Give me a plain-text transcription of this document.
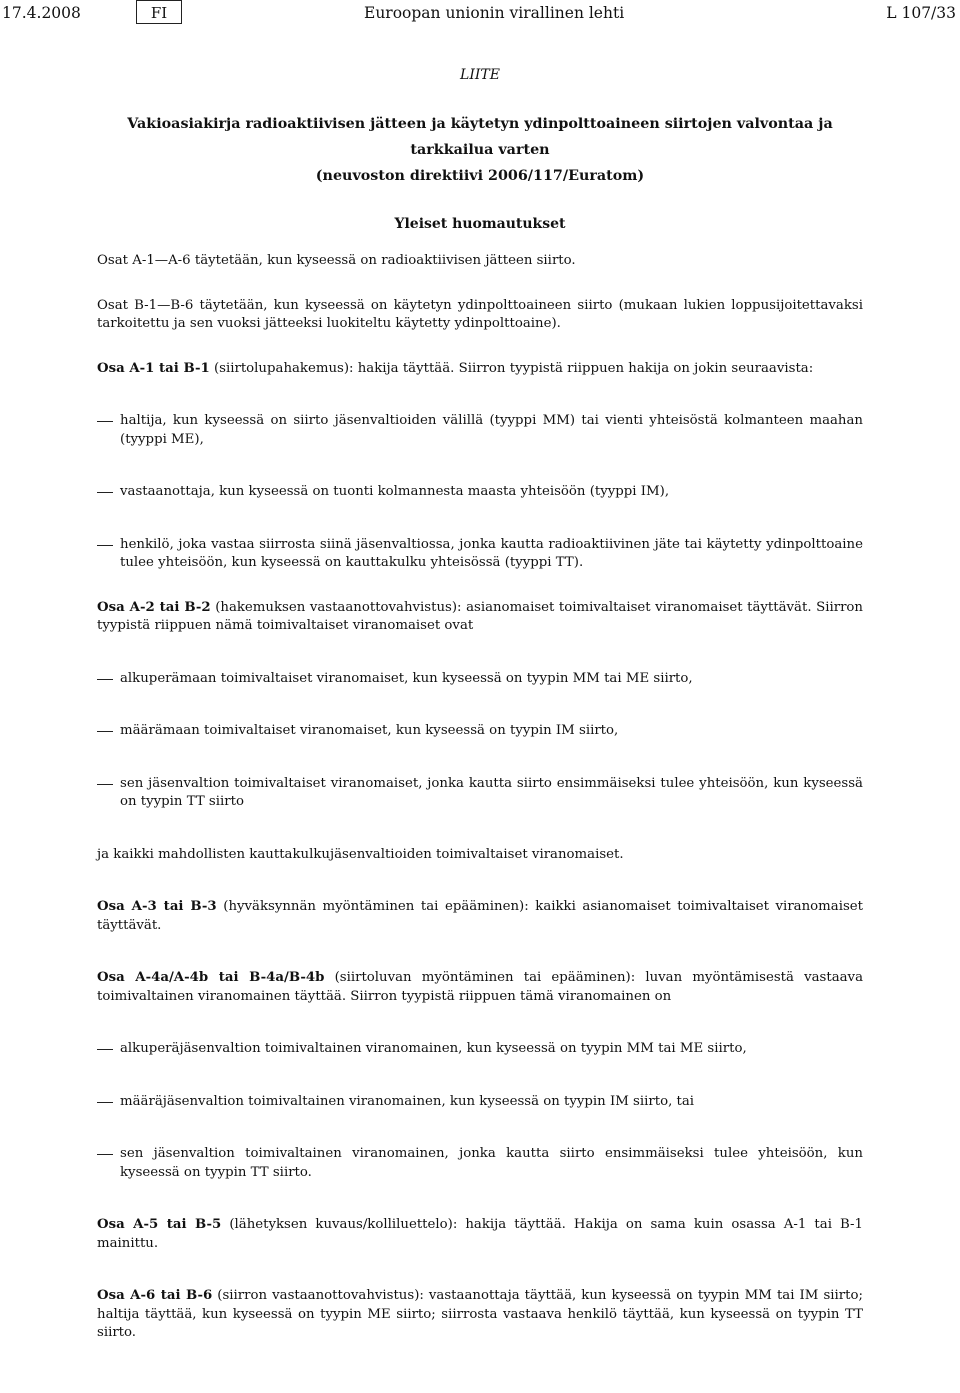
17.4.2008	FI	Euroopan unionin virallinen lehti	L 107/33
LIITE
Vakioasiakirja radioaktiivisen jätteen ja käytetyn ydinpolttoaineen siirtojen valvontaa ja tarkkailua varten
(neuvoston direktiivi 2006/117/Euratom)
Yleiset huomautukset

Osat A-1—A-6 täytetään, kun kyseessä on radioaktiivisen jätteen siirto.

Osat B-1—B-6 täytetään, kun kyseessä on käytetyn ydinpolttoaineen siirto (mukaan lukien loppusijoitettavaksi tarkoitettu ja sen vuoksi jätteeksi luokiteltu käytetty ydinpolttoaine).

Osa A-1 tai B-1 (siirtolupahakemus): hakija täyttää. Siirron tyypistä riippuen hakija on jokin seuraavista:

haltija, kun kyseessä on siirto jäsenvaltioiden välillä (tyyppi MM) tai vienti yhteisöstä kolmanteen maahan (tyyppi ME),
vastaanottaja, kun kyseessä on tuonti kolmannesta maasta yhteisöön (tyyppi IM),
henkilö, joka vastaa siirrosta siinä jäsenvaltiossa, jonka kautta radioaktiivinen jäte tai käytetty ydinpolttoaine tulee yhteisöön, kun kyseessä on kauttakulku yhteisössä (tyyppi TT).

Osa A-2 tai B-2 (hakemuksen vastaanottovahvistus): asianomaiset toimivaltaiset viranomaiset täyttävät. Siirron tyypistä riippuen nämä toimivaltaiset viranomaiset ovat

alkuperämaan toimivaltaiset viranomaiset, kun kyseessä on tyypin MM tai ME siirto,
määrämaan toimivaltaiset viranomaiset, kun kyseessä on tyypin IM siirto,
sen jäsenvaltion toimivaltaiset viranomaiset, jonka kautta siirto ensimmäiseksi tulee yhteisöön, kun kyseessä on tyypin TT siirto

ja kaikki mahdollisten kauttakulkujäsenvaltioiden toimivaltaiset viranomaiset.

Osa A-3 tai B-3 (hyväksynnän myöntäminen tai epääminen): kaikki asianomaiset toimivaltaiset viranomaiset täyttävät.

Osa A-4a/A-4b tai B-4a/B-4b (siirtoluvan myöntäminen tai epääminen): luvan myöntämisestä vastaava toimivaltainen viranomainen täyttää. Siirron tyypistä riippuen tämä viranomainen on

alkuperäjäsenvaltion toimivaltainen viranomainen, kun kyseessä on tyypin MM tai ME siirto,
määräjäsenvaltion toimivaltainen viranomainen, kun kyseessä on tyypin IM siirto, tai
sen jäsenvaltion toimivaltainen viranomainen, jonka kautta siirto ensimmäiseksi tulee yhteisöön, kun kyseessä on tyypin TT siirto.

Osa A-5 tai B-5 (lähetyksen kuvaus/kolliluettelo): hakija täyttää. Hakija on sama kuin osassa A-1 tai B-1 mainittu.

Osa A-6 tai B-6 (siirron vastaanottovahvistus): vastaanottaja täyttää, kun kyseessä on tyypin MM tai IM siirto; haltija täyttää, kun kyseessä on tyypin ME siirto; siirrosta vastaava henkilö täyttää, kun kyseessä on tyypin TT siirto.
